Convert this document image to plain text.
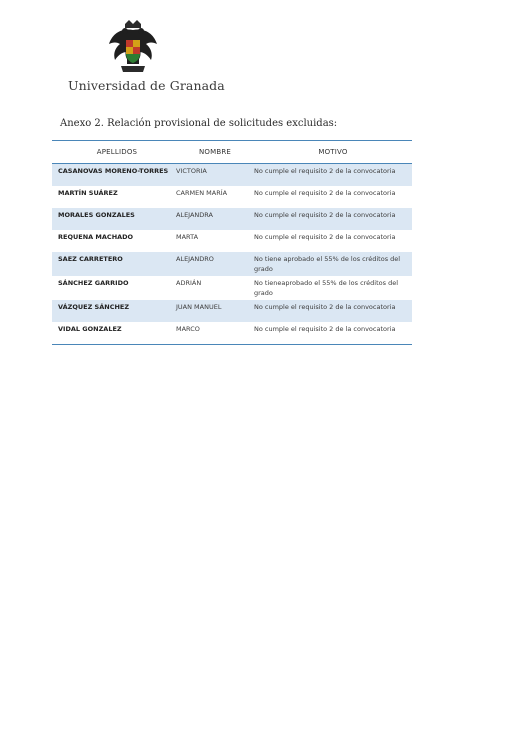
Universidad de Granada
Anexo 2. Relación provisional de solicitudes excluidas:
APELLIDOS	NOMBRE	MOTIVO
CASANOVAS MORENO-TORRES	VICTORIA	No cumple el requisito 2 de la convocatoria
MARTÍN SUÁREZ	CARMEN MARÍA	No cumple el requisito 2 de la convocatoria
MORALES GONZALES	ALEJANDRA	No cumple el requisito 2 de la convocatoria
REQUENA MACHADO	MARTA	No cumple el requisito 2 de la convocatoria
SAEZ CARRETERO	ALEJANDRO	No tiene aprobado el 55% de los créditos del grado
SÁNCHEZ GARRIDO	ADRIÁN	No tieneaprobado el 55% de los créditos del grado
VÁZQUEZ SÁNCHEZ	JUAN MANUEL	No cumple el requisito 2 de la convocatoria
VIDAL GONZALEZ	MARCO	No cumple el requisito 2 de la convocatoria
